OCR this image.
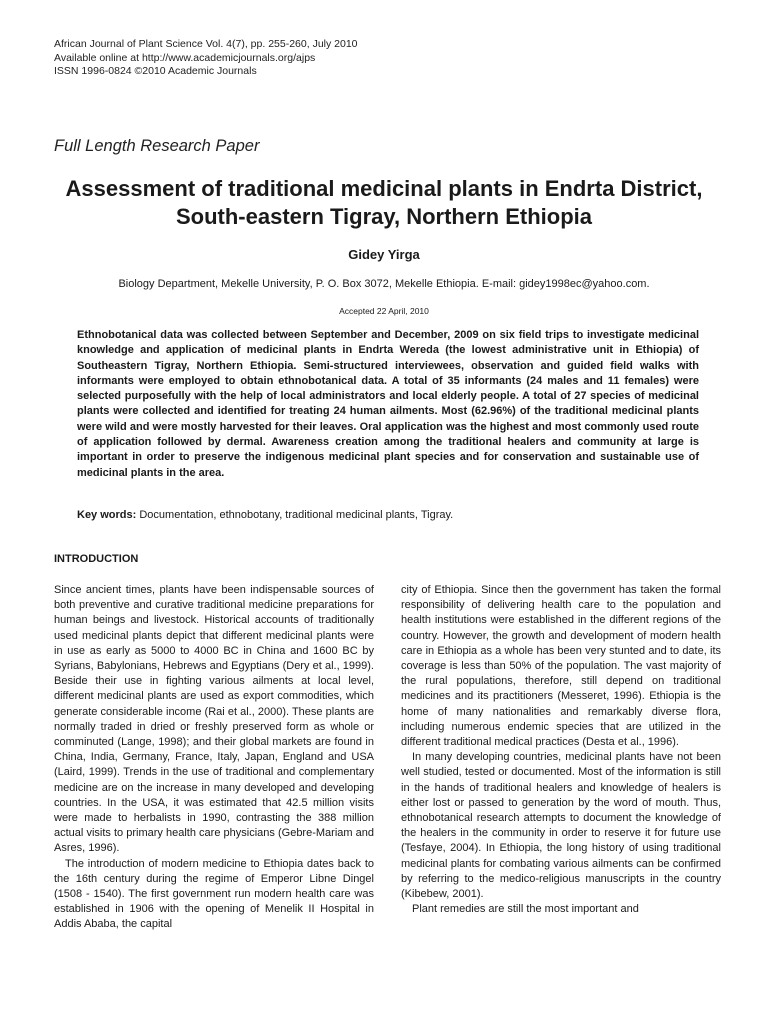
African Journal of Plant Science Vol. 4(7), pp. 255-260, July 2010
Available online at http://www.academicjournals.org/ajps
ISSN 1996-0824 ©2010 Academic Journals
Full Length Research Paper
Assessment of traditional medicinal plants in Endrta District, South-eastern Tigray, Northern Ethiopia
Gidey Yirga
Biology Department, Mekelle University, P. O. Box 3072, Mekelle Ethiopia. E-mail: gidey1998ec@yahoo.com.
Accepted 22 April, 2010

Ethnobotanical data was collected between September and December, 2009 on six field trips to investigate medicinal knowledge and application of medicinal plants in Endrta Wereda (the lowest administrative unit in Ethiopia) of Southeastern Tigray, Northern Ethiopia. Semi-structured interviewees, observation and guided field walks with informants were employed to obtain ethnobotanical data. A total of 35 informants (24 males and 11 females) were selected purposefully with the help of local administrators and local elderly people. A total of 27 species of medicinal plants were collected and identified for treating 24 human ailments. Most (62.96%) of the traditional medicinal plants were wild and were mostly harvested for their leaves. Oral application was the highest and most commonly used route of application followed by dermal. Awareness creation among the traditional healers and community at large is important in order to preserve the indigenous medicinal plant species and for conservation and sustainable use of medicinal plants in the area.

Key words: Documentation, ethnobotany, traditional medicinal plants, Tigray.

INTRODUCTION

Since ancient times, plants have been indispensable sources of both preventive and curative traditional medicine preparations for human beings and livestock. Historical accounts of traditionally used medicinal plants depict that different medicinal plants were in use as early as 5000 to 4000 BC in China and 1600 BC by Syrians, Babylonians, Hebrews and Egyptians (Dery et al., 1999). Beside their use in fighting various ailments at local level, different medicinal plants are used as export commodities, which generate considerable income (Rai et al., 2000). These plants are normally traded in dried or freshly preserved form as whole or comminuted (Lange, 1998); and their global markets are found in China, India, Germany, France, Italy, Japan, England and USA (Laird, 1999). Trends in the use of traditional and complementary medicine are on the increase in many developed and developing countries. In the USA, it was estimated that 42.5 million visits were made to herbalists in 1990, contrasting the 388 million actual visits to primary health care physicians (Gebre-Mariam and Asres, 1996).

The introduction of modern medicine to Ethiopia dates back to the 16th century during the regime of Emperor Libne Dingel (1508 - 1540). The first government run modern health care was established in 1906 with the opening of Menelik II Hospital in Addis Ababa, the capital

city of Ethiopia. Since then the government has taken the formal responsibility of delivering health care to the population and health institutions were established in the different regions of the country. However, the growth and development of modern health care in Ethiopia as a whole has been very stunted and to date, its coverage is less than 50% of the population. The vast majority of the rural populations, therefore, still depend on traditional medicines and its practitioners (Messeret, 1996). Ethiopia is the home of many nationalities and remarkably diverse flora, including numerous endemic species that are utilized in the different traditional medical practices (Desta et al., 1996).

In many developing countries, medicinal plants have not been well studied, tested or documented. Most of the information is still in the hands of traditional healers and knowledge of healers is either lost or passed to generation by the word of mouth. Thus, ethnobotanical research attempts to document the knowledge of the healers in the community in order to reserve it for future use (Tesfaye, 2004). In Ethiopia, the long history of using traditional medicinal plants for combating various ailments can be confirmed by referring to the medico-religious manuscripts in the country (Kibebew, 2001).

Plant remedies are still the most important and
